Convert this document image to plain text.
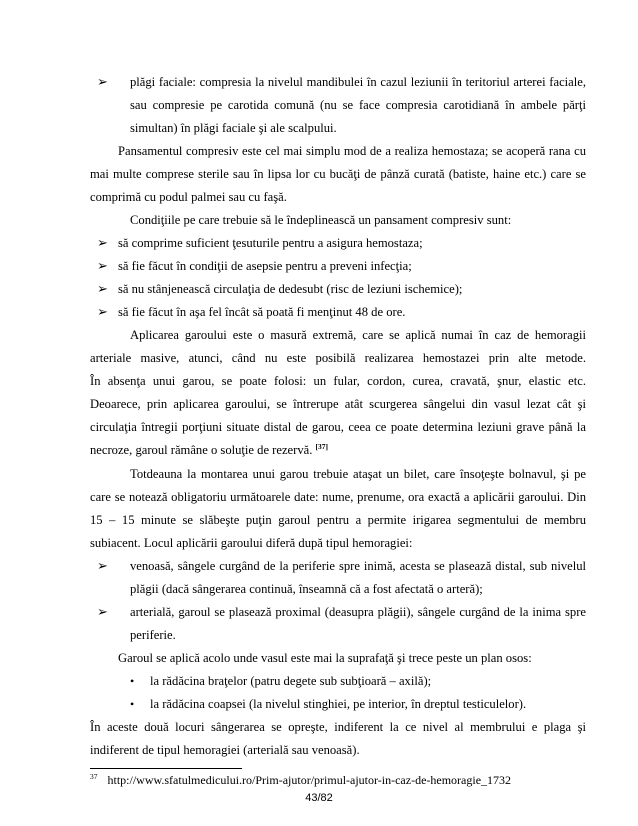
➢ plăgi faciale: compresia la nivelul mandibulei în cazul leziunii în teritoriul arterei faciale,
sau compresie pe carotida comună (nu se face compresia carotidiană în ambele părţi
simultan) în plăgi faciale şi ale scalpului.
Pansamentul compresiv este cel mai simplu mod de a realiza hemostaza; se acoperă rana cu
mai multe comprese sterile sau în lipsa lor cu bucăţi de pânză curată (batiste, haine etc.) care se
comprimă cu podul palmei sau cu faşă.
Condiţiile pe care trebuie să le îndeplinească un pansament compresiv sunt:
➢ să comprime suficient ţesuturile pentru a asigura hemostaza;
➢ să fie făcut în condiţii de asepsie pentru a preveni infecţia;
➢ să nu stânjenească circulaţia de dedesubt (risc de leziuni ischemice);
➢ să fie făcut în aşa fel încât să poată fi menţinut 48 de ore.
Aplicarea garoului este o masură extremă, care se aplică numai în caz de hemoragii
arteriale masive, atunci, când nu este posibilă realizarea hemostazei prin alte metode.
În absenţa unui garou, se poate folosi: un fular, cordon, curea, cravată, şnur, elastic etc.
Deoarece, prin aplicarea garoului, se întrerupe atât scurgerea sângelui din vasul lezat cât şi
circulaţia întregii porţiuni situate distal de garou, ceea ce poate determina leziuni grave până la
necroze, garoul rămâne o soluţie de rezervă. [37]
Totdeauna la montarea unui garou trebuie ataşat un bilet, care însoţeşte bolnavul, şi pe
care se notează obligatoriu următoarele date: nume, prenume, ora exactă a aplicării garoului. Din
15 – 15 minute se slăbeşte puţin garoul pentru a permite irigarea segmentului de membru
subiacent. Locul aplicării garoului diferă după tipul hemoragiei:
➢ venoasă, sângele curgând de la periferie spre inimă, acesta se plasează distal, sub nivelul
plăgii (dacă sângerarea continuă, înseamnă că a fost afectată o arteră);
➢ arterială, garoul se plasează proximal (deasupra plăgii), sângele curgând de la inima spre
periferie.
Garoul se aplică acolo unde vasul este mai la suprafaţă şi trece peste un plan osos:
• la rădăcina braţelor (patru degete sub subţioară – axilă);
• la rădăcina coapsei (la nivelul stinghiei, pe interior, în dreptul testiculelor).
În aceste două locuri sângerarea se opreşte, indiferent la ce nivel al membrului e plaga şi
indiferent de tipul hemoragiei (arterială sau venoasă).
$^{37}$ http://www.sfatulmedicului.ro/Prim-ajutor/primul-ajutor-in-caz-de-hemoragie_1732
43/82
